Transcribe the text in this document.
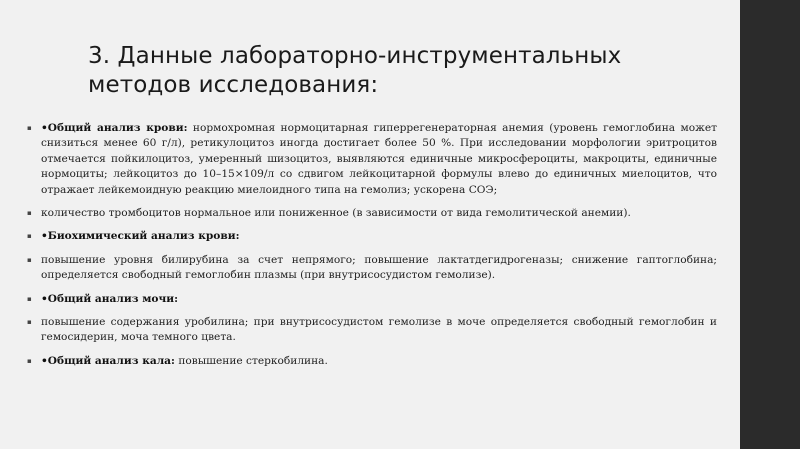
3. Данные лабораторно-инструментальных методов исследования:

▪ •Общий анализ крови: нормохромная нормоцитарная гиперрегенераторная анемия (уровень гемоглобина может снизиться менее 60 г/л), ретикулоцитоз иногда достигает более 50 %. При исследовании морфологии эритроцитов отмечается пойкилоцитоз, умеренный шизоцитоз, выявляются единичные микросфероциты, макроциты, единичные нормоциты; лейкоцитоз до 10–15×109/л со сдвигом лейкоцитарной формулы влево до единичных миелоцитов, что отражает лейкемоидную реакцию миелоидного типа на гемолиз; ускорена СОЭ;

▪ количество тромбоцитов нормальное или пониженное (в зависимости от вида гемолитической анемии).

▪ •Биохимический анализ крови:

▪ повышение уровня билирубина за счет непрямого; повышение лактатдегидрогеназы; снижение гаптоглобина; определяется свободный гемоглобин плазмы (при внутрисосудистом гемолизе).

▪ •Общий анализ мочи:

▪ повышение содержания уробилина; при внутрисосудистом гемолизе в моче определяется свободный гемоглобин и гемосидерин, моча темного цвета.

▪ •Общий анализ кала: повышение стеркобилина.
